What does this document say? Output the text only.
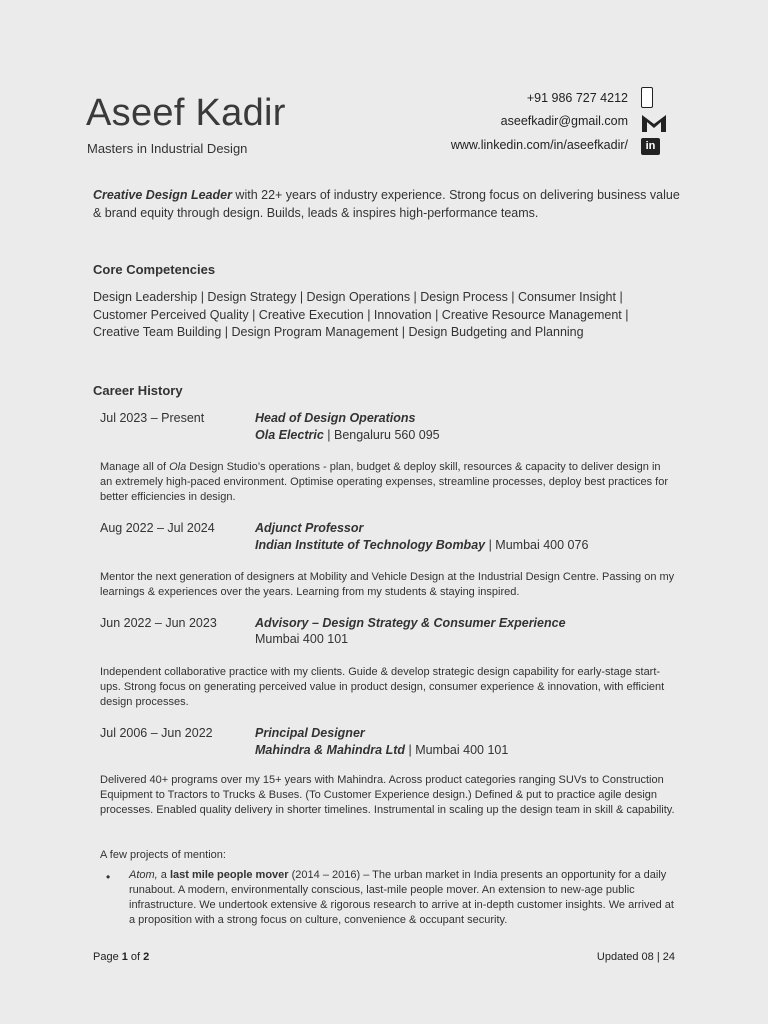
Aseef Kadir
Masters in Industrial Design
+91 986 727 4212
aseefkadir@gmail.com
www.linkedin.com/in/aseefkadir/	in
Creative Design Leader with 22+ years of industry experience. Strong focus on delivering business value & brand equity through design. Builds, leads & inspires high-performance teams.
Core Competencies
Design Leadership | Design Strategy | Design Operations | Design Process | Consumer Insight | Customer Perceived Quality | Creative Execution | Innovation | Creative Resource Management | Creative Team Building | Design Program Management | Design Budgeting and Planning
Career History
Jul 2023 – Present	Head of Design Operations
Ola Electric | Bengaluru 560 095
Manage all of Ola Design Studio’s operations - plan, budget & deploy skill, resources & capacity to deliver design in an extremely high-paced environment. Optimise operating expenses, streamline processes, deploy best practices for better efficiencies in design.
Aug 2022 – Jul 2024	Adjunct Professor
Indian Institute of Technology Bombay | Mumbai 400 076
Mentor the next generation of designers at Mobility and Vehicle Design at the Industrial Design Centre. Passing on my learnings & experiences over the years. Learning from my students & staying inspired.
Jun 2022 – Jun 2023	Advisory – Design Strategy & Consumer Experience
Mumbai 400 101
Independent collaborative practice with my clients. Guide & develop strategic design capability for early-stage start-ups. Strong focus on generating perceived value in product design, consumer experience & innovation, with efficient design processes.
Jul 2006 – Jun 2022	Principal Designer
Mahindra & Mahindra Ltd | Mumbai 400 101
Delivered 40+ programs over my 15+ years with Mahindra. Across product categories ranging SUVs to Construction Equipment to Tractors to Trucks & Buses. (To Customer Experience design.) Defined & put to practice agile design processes. Enabled quality delivery in shorter timelines. Instrumental in scaling up the design team in skill & capability.
A few projects of mention:
• Atom, a last mile people mover (2014 – 2016) – The urban market in India presents an opportunity for a daily runabout. A modern, environmentally conscious, last-mile people mover. An extension to new-age public infrastructure. We undertook extensive & rigorous research to arrive at in-depth customer insights. We arrived at a proposition with a strong focus on culture, convenience & occupant security.
Page 1 of 2	Updated 08 | 24
